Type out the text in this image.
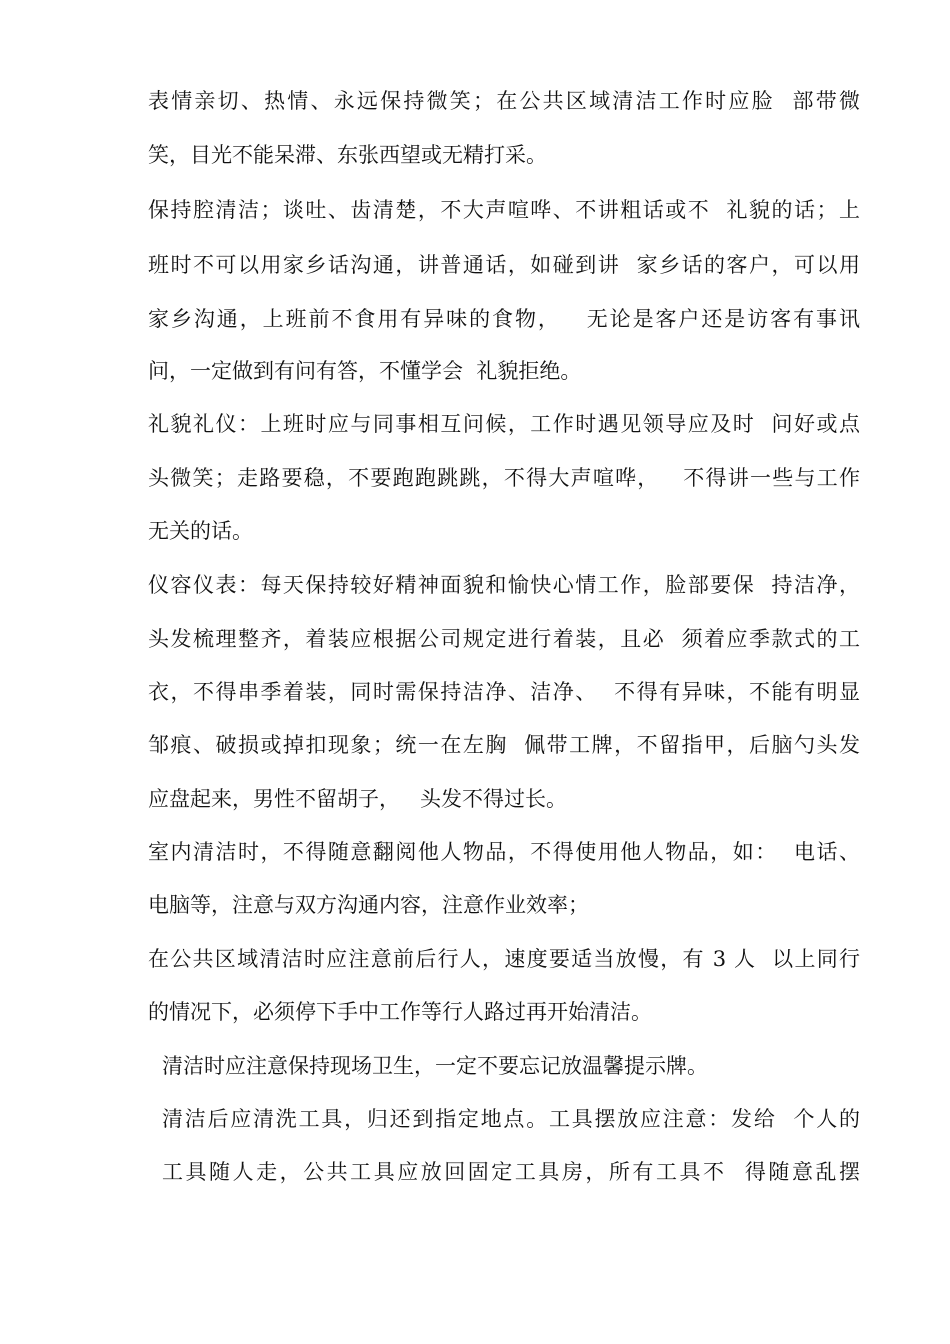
表情亲切、热情、永远保持微笑；在公共区域清洁工作时应脸  部带微
笑，目光不能呆滞、东张西望或无精打采。
保持腔清洁；谈吐、齿清楚，不大声喧哗、不讲粗话或不  礼貌的话；上
班时不可以用家乡话沟通，讲普通话，如碰到讲  家乡话的客户，可以用
家乡沟通，上班前不食用有异味的食物，   无论是客户还是访客有事讯
问，一定做到有问有答，不懂学会  礼貌拒绝。
礼貌礼仪：上班时应与同事相互问候，工作时遇见领导应及时  问好或点
头微笑；走路要稳，不要跑跑跳跳，不得大声喧哗，   不得讲一些与工作
无关的话。
仪容仪表：每天保持较好精神面貌和愉快心情工作，脸部要保  持洁净，
头发梳理整齐，着装应根据公司规定进行着装，且必  须着应季款式的工
衣，不得串季着装，同时需保持洁净、洁净、  不得有异味，不能有明显
邹痕、破损或掉扣现象；统一在左胸  佩带工牌，不留指甲，后脑勺头发
应盘起来，男性不留胡子，   头发不得过长。
室内清洁时，不得随意翻阅他人物品，不得使用他人物品，如：  电话、
电脑等，注意与双方沟通内容，注意作业效率；
在公共区域清洁时应注意前后行人，速度要适当放慢，有 3 人  以上同行
的情况下，必须停下手中工作等行人路过再开始清洁。
清洁时应注意保持现场卫生，一定不要忘记放温馨提示牌。
清洁后应清洗工具，归还到指定地点。工具摆放应注意：发给  个人的
工具随人走，公共工具应放回固定工具房，所有工具不  得随意乱摆
